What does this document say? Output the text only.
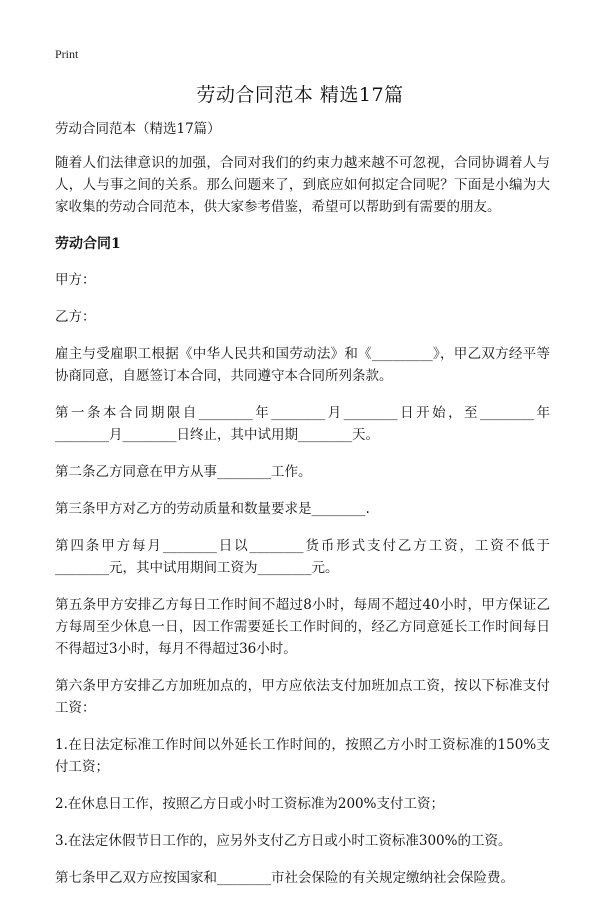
Print
劳动合同范本 精选17篇

劳动合同范本（精选17篇）

随着人们法律意识的加强，合同对我们的约束力越来越不可忽视，合同协调着人与人，人与事之间的关系。那么问题来了，到底应如何拟定合同呢？下面是小编为大家收集的劳动合同范本，供大家参考借鉴，希望可以帮助到有需要的朋友。

劳动合同1

甲方：

乙方：

雇主与受雇职工根据《中华人民共和国劳动法》和《_________》，甲乙双方经平等协商同意，自愿签订本合同，共同遵守本合同所列条款。

第一条本合同期限自________年________月________日开始，至________年________月________日终止，其中试用期________天。

第二条乙方同意在甲方从事________工作。

第三条甲方对乙方的劳动质量和数量要求是________.

第四条甲方每月________日以________货币形式支付乙方工资，工资不低于________元，其中试用期间工资为________元。

第五条甲方安排乙方每日工作时间不超过8小时，每周不超过40小时，甲方保证乙方每周至少休息一日，因工作需要延长工作时间的，经乙方同意延长工作时间每日不得超过3小时，每月不得超过36小时。

第六条甲方安排乙方加班加点的，甲方应依法支付加班加点工资，按以下标准支付工资：

1.在日法定标准工作时间以外延长工作时间的，按照乙方小时工资标准的150%支付工资；

2.在休息日工作，按照乙方日或小时工资标准为200%支付工资；

3.在法定休假节日工作的，应另外支付乙方日或小时工资标准300%的工资。

第七条甲乙双方应按国家和________市社会保险的有关规定缴纳社会保险费。
